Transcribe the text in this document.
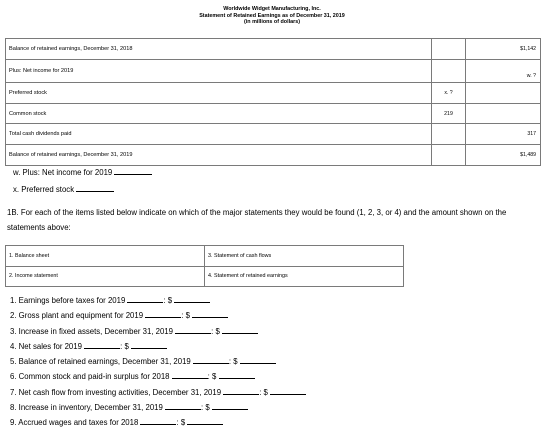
Worldwide Widget Manufacturing, Inc.
Statement of Retained Earnings as of December 31, 2019
(in millions of dollars)
Balance of retained earnings, December 31, 2018		$1,142
Plus: Net income for 2019		w. ?
Preferred stock	x. ?	
Common stock	219	
Total cash dividends paid		317
Balance of retained earnings, December 31, 2019		$1,489
w. Plus: Net income for 2019
x. Preferred stock
1B. For each of the items listed below indicate on which of the major statements they would be found (1, 2, 3, or 4) and the amount shown on the statements above:
1. Balance sheet	3. Statement of cash flows
2. Income statement	4. Statement of retained earnings
1. Earnings before taxes for 2019	: $
2. Gross plant and equipment for 2019	: $
3. Increase in fixed assets, December 31, 2019	: $
4. Net sales for 2019	: $
5. Balance of retained earnings, December 31, 2019	: $
6. Common stock and paid-in surplus for 2018	: $
7. Net cash flow from investing activities, December 31, 2019	: $
8. Increase in inventory, December 31, 2019	: $
9. Accrued wages and taxes for 2018	: $
